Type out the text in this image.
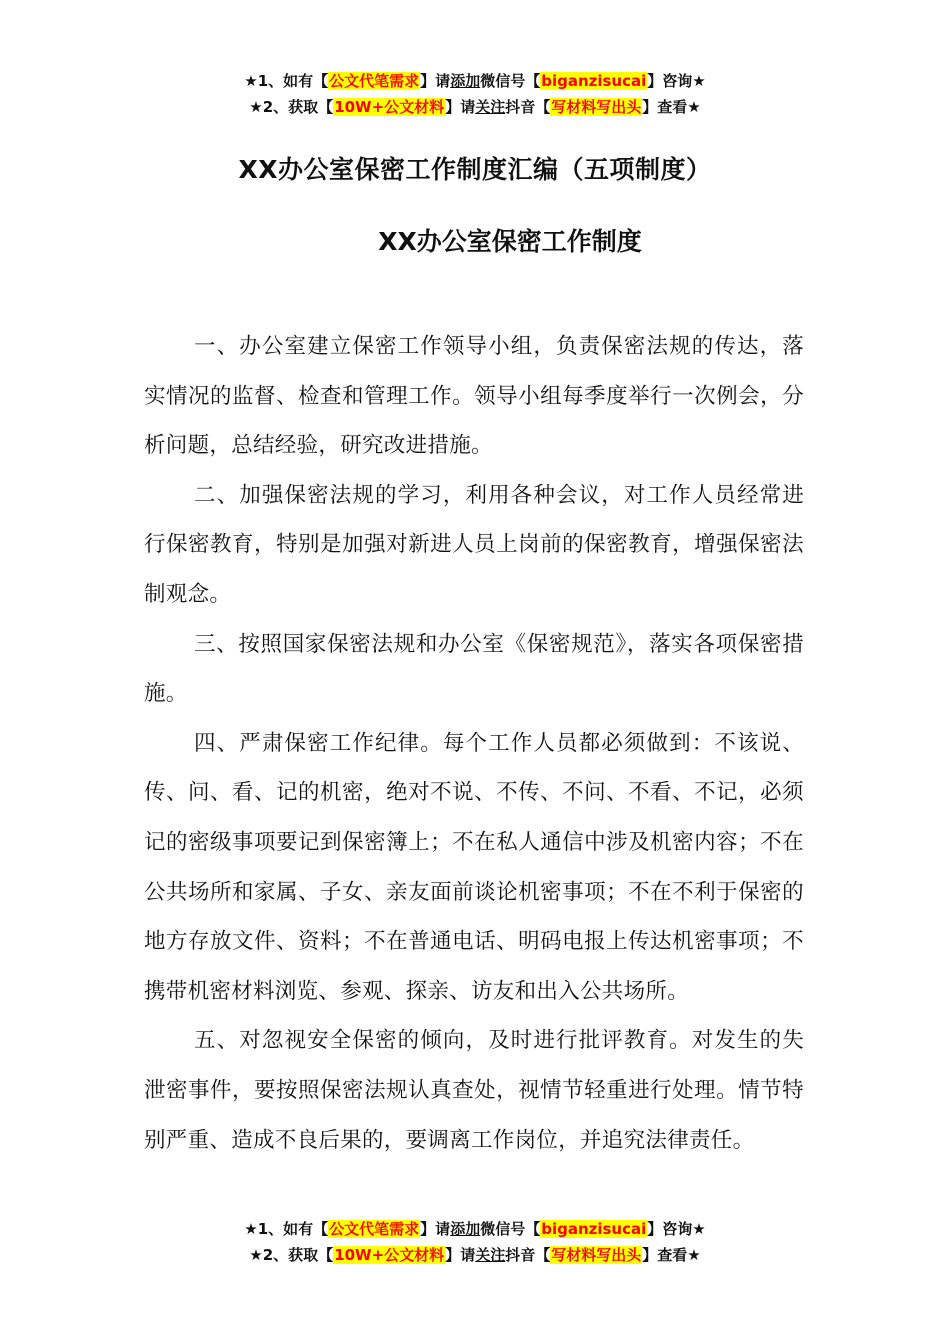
★1、如有【公文代笔需求】请添加微信号【biganzisucai】咨询★
★2、获取【10W+公文材料】请关注抖音【写材料写出头】查看★
XX办公室保密工作制度汇编（五项制度）
XX办公室保密工作制度

一、办公室建立保密工作领导小组，负责保密法规的传达，落实情况的监督、检查和管理工作。领导小组每季度举行一次例会，分析问题，总结经验，研究改进措施。

二、加强保密法规的学习，利用各种会议，对工作人员经常进行保密教育，特别是加强对新进人员上岗前的保密教育，增强保密法制观念。

三、按照国家保密法规和办公室《保密规范》，落实各项保密措施。

四、严肃保密工作纪律。每个工作人员都必须做到：不该说、传、问、看、记的机密，绝对不说、不传、不问、不看、不记，必须记的密级事项要记到保密簿上；不在私人通信中涉及机密内容；不在公共场所和家属、子女、亲友面前谈论机密事项；不在不利于保密的地方存放文件、资料；不在普通电话、明码电报上传达机密事项；不携带机密材料浏览、参观、探亲、访友和出入公共场所。

五、对忽视安全保密的倾向，及时进行批评教育。对发生的失泄密事件，要按照保密法规认真查处，视情节轻重进行处理。情节特别严重、造成不良后果的，要调离工作岗位，并追究法律责任。

★1、如有【公文代笔需求】请添加微信号【biganzisucai】咨询★
★2、获取【10W+公文材料】请关注抖音【写材料写出头】查看★
